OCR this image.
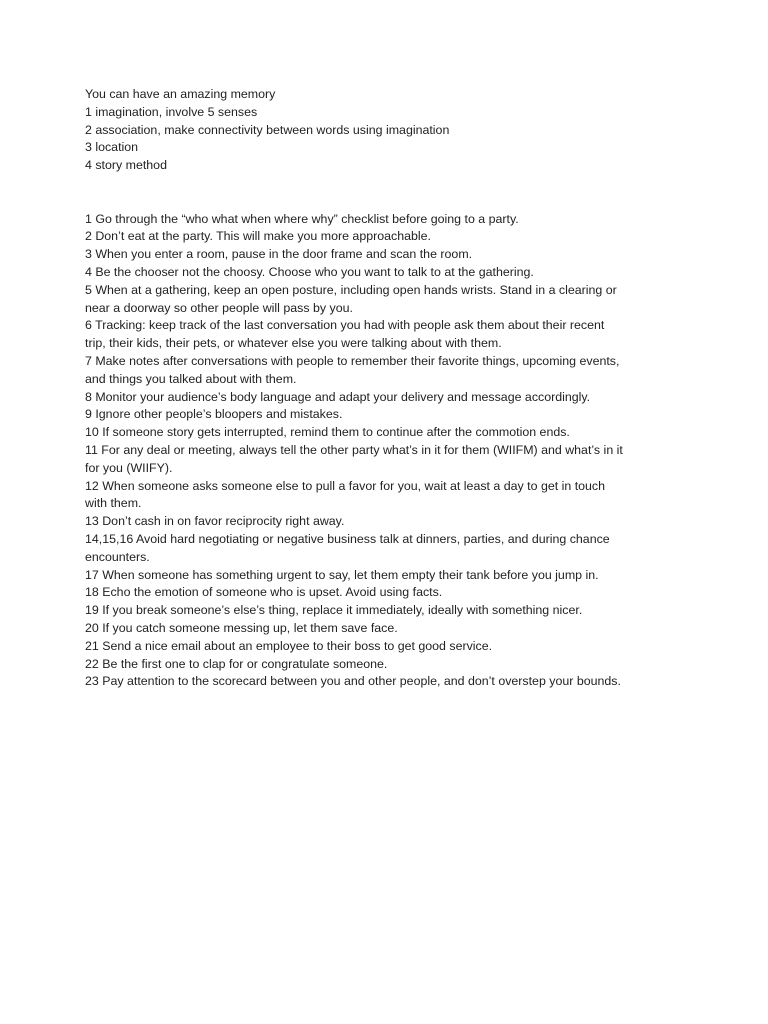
You can have an amazing memory

1 imagination, involve 5 senses

2 association, make connectivity between words using imagination

3 location

4 story method

1 Go through the “who what when where why” checklist before going to a party.

2 Don’t eat at the party. This will make you more approachable.

3 When you enter a room, pause in the door frame and scan the room.

4 Be the chooser not the choosy. Choose who you want to talk to at the gathering.

5 When at a gathering, keep an open posture, including open hands wrists. Stand in a clearing or near a doorway so other people will pass by you.

6 Tracking: keep track of the last conversation you had with people ask them about their recent trip, their kids, their pets, or whatever else you were talking about with them.

7 Make notes after conversations with people to remember their favorite things, upcoming events, and things you talked about with them.

8 Monitor your audience’s body language and adapt your delivery and message accordingly.

9 Ignore other people’s bloopers and mistakes.

10 If someone story gets interrupted, remind them to continue after the commotion ends.

11 For any deal or meeting, always tell the other party what’s in it for them (WIIFM) and what’s in it for you (WIIFY).

12 When someone asks someone else to pull a favor for you, wait at least a day to get in touch with them.

13 Don’t cash in on favor reciprocity right away.

14,15,16 Avoid hard negotiating or negative business talk at dinners, parties, and during chance encounters.

17 When someone has something urgent to say, let them empty their tank before you jump in.

18 Echo the emotion of someone who is upset. Avoid using facts.

19 If you break someone’s else’s thing, replace it immediately, ideally with something nicer.

20 If you catch someone messing up, let them save face.

21 Send a nice email about an employee to their boss to get good service.

22 Be the first one to clap for or congratulate someone.

23 Pay attention to the scorecard between you and other people, and don’t overstep your bounds.
